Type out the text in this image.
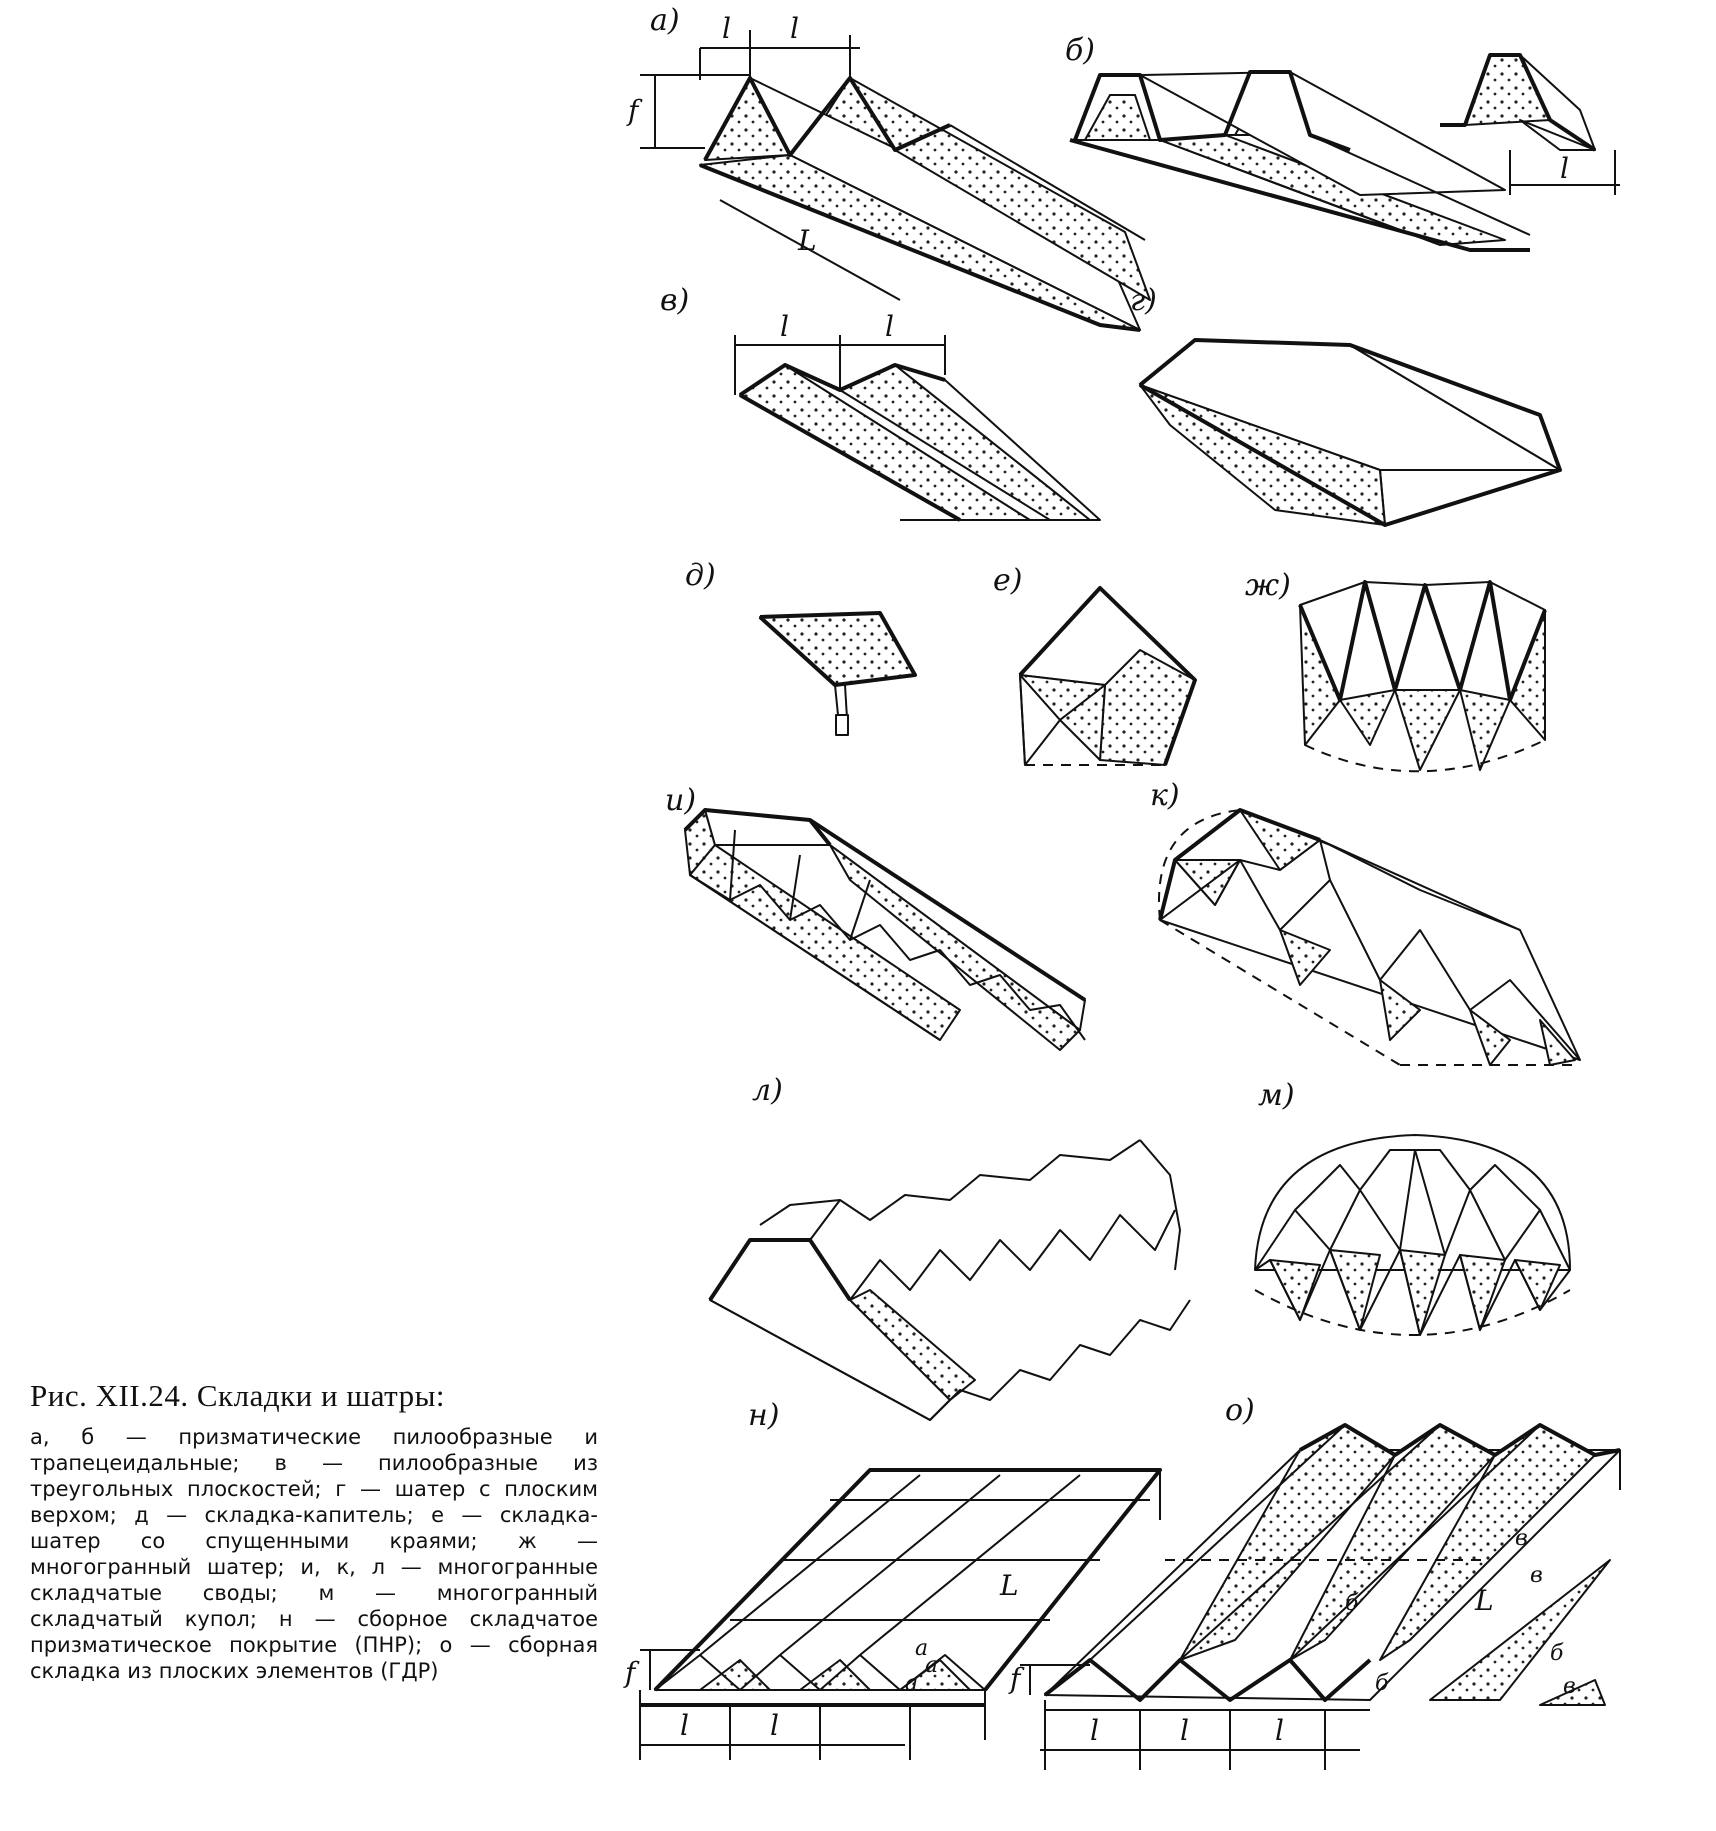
а) l l
f
L
б)
l
в)
l	l
г)
д)	е)	ж)
и)	к)
л)	м)
н)
l	l
f
а
а
а
L
о)
l	l	l
f
L
б
б
в
в
б
в

Рис. XII.24. Складки и шатры:

а, б — призматические пилообразные и трапецеидальные; в — пилообразные из треугольных плоскостей; г — шатер с плоским верхом; д — складка-капитель; е — складка-шатер со спущенными краями; ж — многогранный шатер; и, к, л — многогранные складчатые своды; м — многогранный складчатый купол; н — сборное складчатое призматическое покрытие (ПНР); о — сборная складка из плоских элементов (ГДР)
